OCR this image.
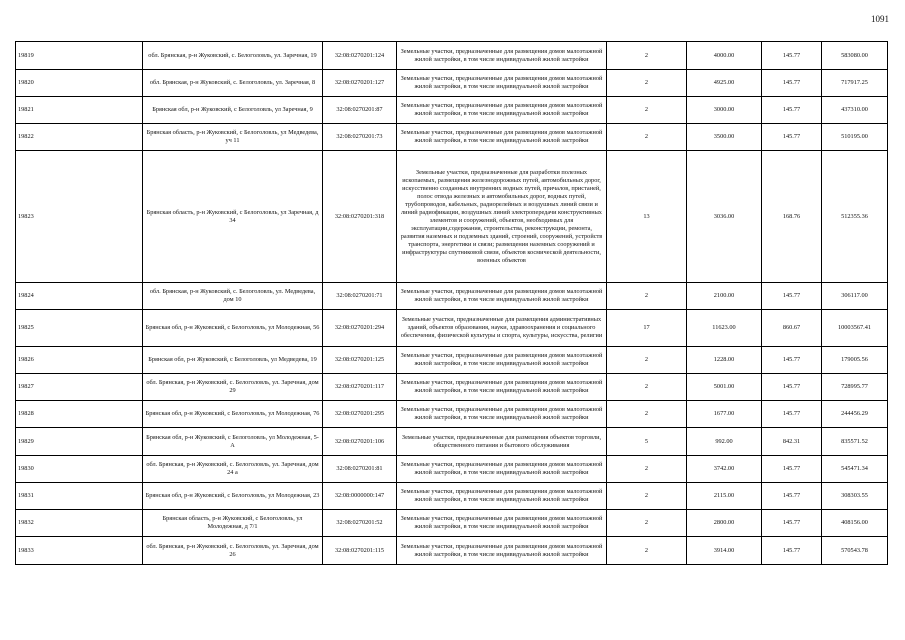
1091
19819	обл. Брянская, р-н Жуковский, с. Белоголовль, ул. Заречная, 19	32:08:0270201:124	Земельные участки, предназначенные для размещения домов малоэтажной жилой застройки, в том числе индивидуальной жилой застройки	2	4000.00	145.77	583080.00
19820	обл. Брянская, р-н Жуковский, с. Белоголовль, ул. Заречная, 8	32:08:0270201:127	Земельные участки, предназначенные для размещения домов малоэтажной жилой застройки, в том числе индивидуальной жилой застройки	2	4925.00	145.77	717917.25
19821	Брянская обл, р-н Жуковский, с Белоголовль, ул Заречная, 9	32:08:0270201:87	Земельные участки, предназначенные для размещения домов малоэтажной жилой застройки, в том числе индивидуальной жилой застройки	2	3000.00	145.77	437310.00
19822	Брянская область, р-н Жуковский, с Белоголовль, ул Медведева, уч 11	32:08:0270201:73	Земельные участки, предназначенные для размещения домов малоэтажной жилой застройки, в том числе индивидуальной жилой застройки	2	3500.00	145.77	510195.00
19823	Брянская область, р-н Жуковский, с Белоголовль, ул Заречная, д 34	32:08:0270201:318	Земельные участки, предназначенные для разработки полезных ископаемых, размещения железнодорожных путей, автомобильных дорог, искусственно созданных внутренних водных путей, причалов, пристаней, полос отвода железных и автомобильных дорог, водных путей, трубопроводов, кабельных, радиорелейных и воздушных линий связи и линий радиофикации, воздушных линий электропередачи конструктивных элементов и сооружений, объектов, необходимых для эксплуатации,содержания, строительства, реконструкции, ремонта, развития наземных и подземных зданий, строений, сооружений, устройств транспорта, энергетики и связи; размещения наземных сооружений и инфраструктуры спутниковой связи, объектов космической деятельности, военных объектов	13	3036.00	168.76	512355.36
19824	обл. Брянская, р-н Жуковский, с. Белоголовль, ул. Медведева, дом 10	32:08:0270201:71	Земельные участки, предназначенные для размещения домов малоэтажной жилой застройки, в том числе индивидуальной жилой застройки	2	2100.00	145.77	306117.00
19825	Брянская обл, р-н Жуковский, с Белоголовль, ул Молодежная, 56	32:08:0270201:294	Земельные участки, предназначенные для размещения административных зданий, объектов образования, науки, здравоохранения и социального обеспечения, физической культуры и спорта, культуры, искусства, религии	17	11623.00	860.67	10003567.41
19826	Брянская обл, р-н Жуковский, с Белоголовль, ул Медведева, 19	32:08:0270201:125	Земельные участки, предназначенные для размещения домов малоэтажной жилой застройки, в том числе индивидуальной жилой застройки	2	1228.00	145.77	179005.56
19827	обл. Брянская, р-н Жуковский, с. Белоголовль, ул. Заречная, дом 29	32:08:0270201:117	Земельные участки, предназначенные для размещения домов малоэтажной жилой застройки, в том числе индивидуальной жилой застройки	2	5001.00	145.77	728995.77
19828	Брянская обл, р-н Жуковский, с Белоголовль, ул Молодежная, 76	32:08:0270201:295	Земельные участки, предназначенные для размещения домов малоэтажной жилой застройки, в том числе индивидуальной жилой застройки	2	1677.00	145.77	244456.29
19829	Брянская обл, р-н Жуковский, с Белоголовль, ул Молодежная, 5-А	32:08:0270201:106	Земельные участки, предназначенные для размещения объектов торговли, общественного питания и бытового обслуживания	5	992.00	842.31	835571.52
19830	обл. Брянская, р-н Жуковский, с. Белоголовль, ул. Заречная, дом 24 а	32:08:0270201:81	Земельные участки, предназначенные для размещения домов малоэтажной жилой застройки, в том числе индивидуальной жилой застройки	2	3742.00	145.77	545471.34
19831	Брянская обл, р-н Жуковский, с Белоголовль, ул Молодежная, 23	32:08:0000000:147	Земельные участки, предназначенные для размещения домов малоэтажной жилой застройки, в том числе индивидуальной жилой застройки	2	2115.00	145.77	308303.55
19832	Брянская область, р-н Жуковский, с Белоголовль, ул Молодежная, д 7/1	32:08:0270201:52	Земельные участки, предназначенные для размещения домов малоэтажной жилой застройки, в том числе индивидуальной жилой застройки	2	2800.00	145.77	408156.00
19833	обл. Брянская, р-н Жуковский, с. Белоголовль, ул. Заречная, дом 26	32:08:0270201:115	Земельные участки, предназначенные для размещения домов малоэтажной жилой застройки, в том числе индивидуальной жилой застройки	2	3914.00	145.77	570543.78
